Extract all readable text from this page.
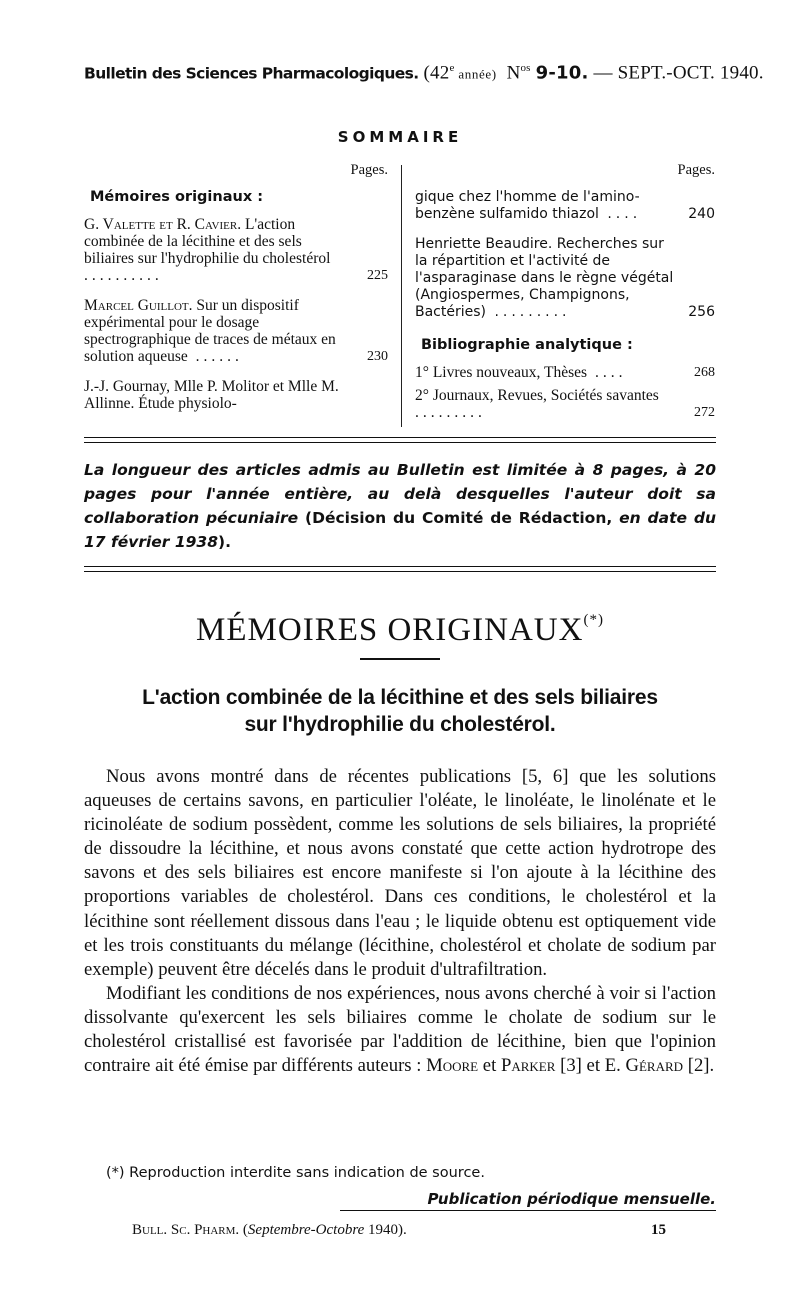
Bulletin des Sciences Pharmacologiques. (42e année) $N^{os}$ 9-10. — SEPT.-OCT. 1940.
SOMMAIRE
Pages.
Mémoires originaux :
G. Valette et R. Cavier. L'action combinée de la lécithine et des sels biliaires sur l'hydrophilie du cholestérol ..........	225
Marcel Guillot. Sur un dispositif expérimental pour le dosage spectrographique de traces de métaux en solution aqueuse ......	230
J.-J. Gournay, Mlle P. Molitor et Mlle M. Allinne. Étude physiolo-
Pages.
gique chez l'homme de l'amino-benzène sulfamido thiazol ....	240
Henriette Beaudire. Recherches sur la répartition et l'activité de l'asparaginase dans le règne végétal (Angiospermes, Champignons, Bactéries) .........	256
Bibliographie analytique :
1° Livres nouveaux, Thèses ....	268
2° Journaux, Revues, Sociétés savantes .........	272
La longueur des articles admis au Bulletin est limitée à 8 pages, à 20 pages pour l'année entière, au delà desquelles l'auteur doit sa collaboration pécuniaire (Décision du Comité de Rédaction, en date du 17 février 1938).
MÉMOIRES ORIGINAUX(*)
L'action combinée de la lécithine et des sels biliaires
sur l'hydrophilie du cholestérol.

Nous avons montré dans de récentes publications [5, 6] que les solutions aqueuses de certains savons, en particulier l'oléate, le linoléate, le linolénate et le ricinoléate de sodium possèdent, comme les solutions de sels biliaires, la propriété de dissoudre la lécithine, et nous avons constaté que cette action hydrotrope des savons et des sels biliaires est encore manifeste si l'on ajoute à la lécithine des proportions variables de cholestérol. Dans ces conditions, le cholestérol et la lécithine sont réellement dissous dans l'eau ; le liquide obtenu est optiquement vide et les trois constituants du mélange (lécithine, cholestérol et cholate de sodium par exemple) peuvent être décelés dans le produit d'ultrafiltration.

Modifiant les conditions de nos expériences, nous avons cherché à voir si l'action dissolvante qu'exercent les sels biliaires comme le cholate de sodium sur le cholestérol cristallisé est favorisée par l'addition de lécithine, bien que l'opinion contraire ait été émise par différents auteurs : Moore et Parker [3] et E. Gérard [2].

(*) Reproduction interdite sans indication de source.
Publication périodique mensuelle.
Bull. Sc. Pharm. (Septembre-Octobre 1940).	15
